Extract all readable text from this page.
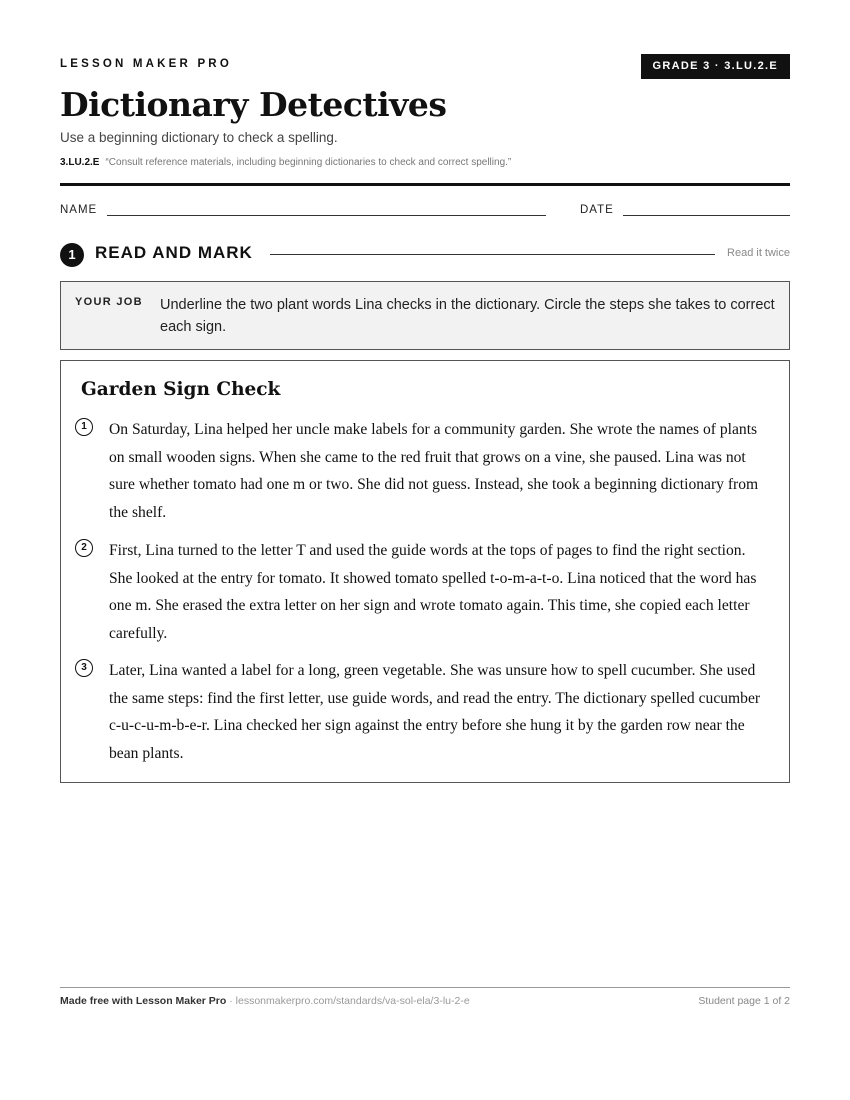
LESSON MAKER PRO	GRADE 3 · 3.LU.2.E
Dictionary Detectives
Use a beginning dictionary to check a spelling.
3.LU.2.E “Consult reference materials, including beginning dictionaries to check and correct spelling.”
NAME	DATE
1	READ AND MARK	Read it twice
YOUR JOB Underline the two plant words Lina checks in the dictionary. Circle the steps she takes to correct each sign.
Garden Sign Check
1	On Saturday, Lina helped her uncle make labels for a community garden. She wrote the names of plants on small wooden signs. When she came to the red fruit that grows on a vine, she paused. Lina was not sure whether tomato had one m or two. She did not guess. Instead, she took a beginning dictionary from the shelf.
2	First, Lina turned to the letter T and used the guide words at the tops of pages to find the right section. She looked at the entry for tomato. It showed tomato spelled t-o-m-a-t-o. Lina noticed that the word has one m. She erased the extra letter on her sign and wrote tomato again. This time, she copied each letter carefully.
3	Later, Lina wanted a label for a long, green vegetable. She was unsure how to spell cucumber. She used the same steps: find the first letter, use guide words, and read the entry. The dictionary spelled cucumber c-u-c-u-m-b-e-r. Lina checked her sign against the entry before she hung it by the garden row near the bean plants.
Made free with Lesson Maker Pro · lessonmakerpro.com/standards/va-sol-ela/3-lu-2-e	Student page 1 of 2
